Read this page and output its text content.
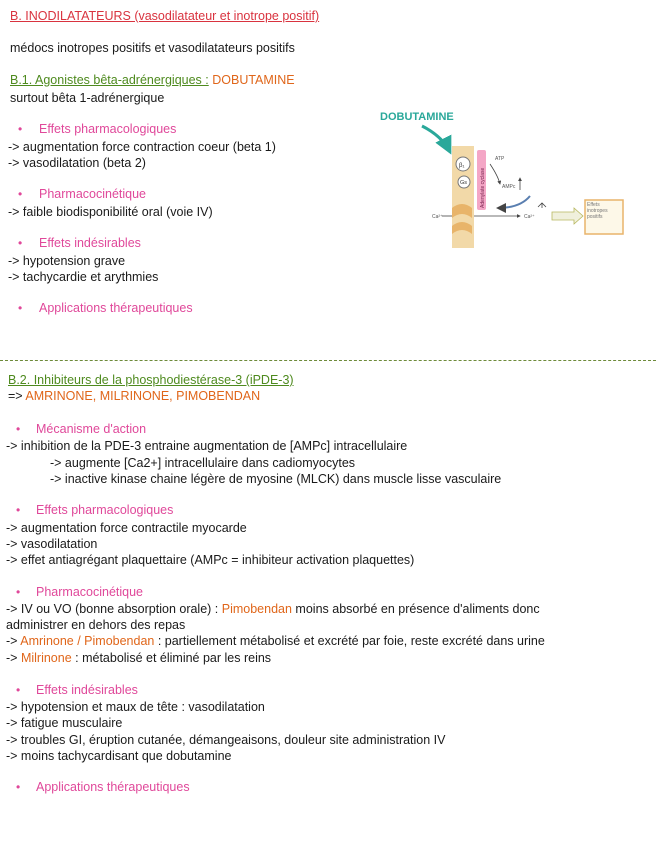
B. INODILATATEURS (vasodilatateur et inotrope positif)
médocs inotropes positifs et vasodilatateurs positifs
B.1. Agonistes bêta-adrénergiques : DOBUTAMINE
surtout bêta 1-adrénergique
• Effets pharmacologiques
-> augmentation force contraction coeur (beta 1)
-> vasodilatation (beta 2)
• Pharmacocinétique
-> faible biodisponibilité oral (voie IV)
• Effets indésirables
-> hypotension grave
-> tachycardie et arythmies
• Applications thérapeutiques
DOBUTAMINE
β₁
Gs	Adenylate cyclase
ATP
AMPc
Ca²⁺	Ca²⁺
Effets inotropes positifs
B.2. Inhibiteurs de la phosphodiestérase-3 (iPDE-3)
=> AMRINONE, MILRINONE, PIMOBENDAN
• Mécanisme d'action
-> inhibition de la PDE-3 entraine augmentation de [AMPc] intracellulaire
-> augmente [Ca2+] intracellulaire dans cadiomyocytes
-> inactive kinase chaine légère de myosine (MLCK) dans muscle lisse vasculaire
• Effets pharmacologiques
-> augmentation force contractile myocarde
-> vasodilatation
-> effet antiagrégant plaquettaire (AMPc = inhibiteur activation plaquettes)
• Pharmacocinétique
-> IV ou VO (bonne absorption orale) : Pimobendan moins absorbé en présence d'aliments donc
administrer en dehors des repas
-> Amrinone / Pimobendan : partiellement métabolisé et excrété par foie, reste excrété dans urine
-> Milrinone : métabolisé et éliminé par les reins
• Effets indésirables
-> hypotension et maux de tête : vasodilatation
-> fatigue musculaire
-> troubles GI, éruption cutanée, démangeaisons, douleur site administration IV
-> moins tachycardisant que dobutamine
• Applications thérapeutiques
